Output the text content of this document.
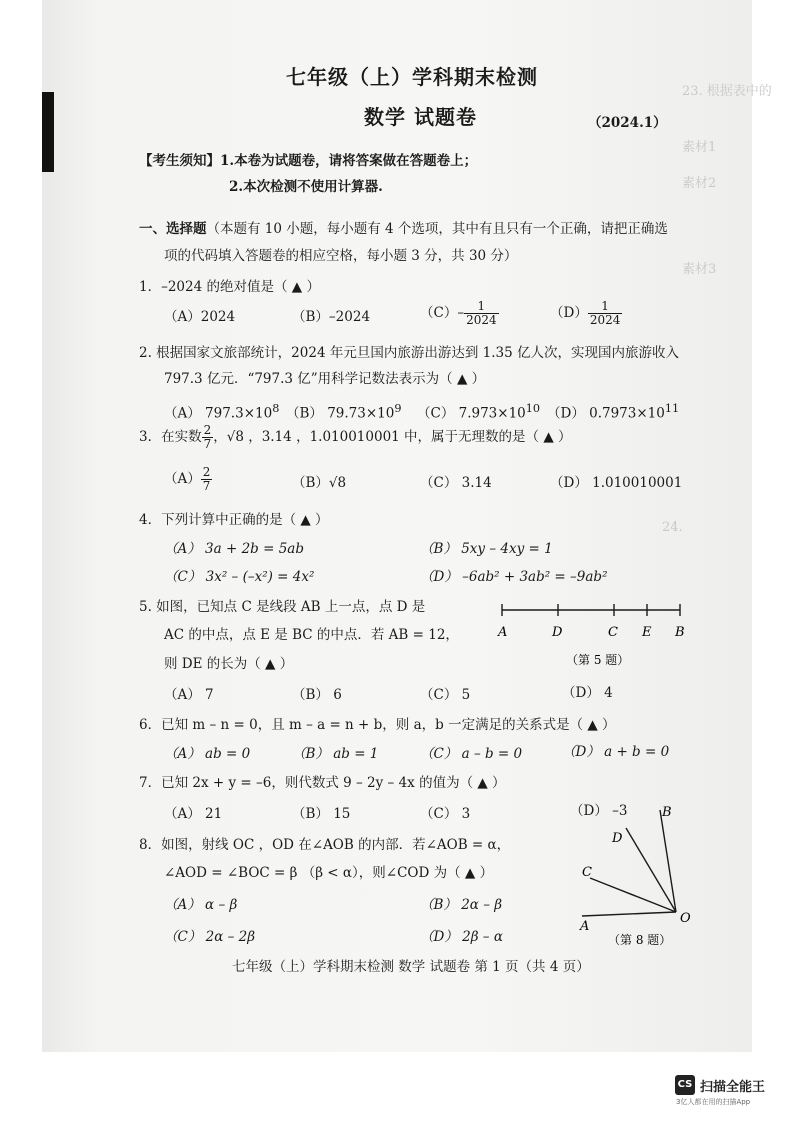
23. 根据表中的
素材1
素材2
素材3
24.
七年级（上）学科期末检测
数学 试题卷	（2024.1）
【考生须知】1.本卷为试题卷，请将答案做在答题卷上；
2.本次检测不使用计算器.
一、选择题（本题有 10 小题，每小题有 4 个选项，其中有且只有一个正确，请把正确选
项的代码填入答题卷的相应空格，每小题 3 分，共 30 分）
1．–2024 的绝对值是（ ▲ ）
（A）2024	（B）–2024	$(C)- \frac{1}{2024}$	$(D) \frac{1}{2024}$
2. 根据国家文旅部统计，2024 年元旦国内旅游出游达到 1.35 亿人次，实现国内旅游收入
797.3 亿元．“797.3 亿”用科学记数法表示为（ ▲ ）
（A） $797.3\times 10^8$ （B） $79.73\times 10^9$ （C） $7.973\times 10^{10}$ （D） $0.7973\times 10^{11}$
3．在实数 $\frac{2}{7}$ ，√8 ，3.14 ，1.010010001 中，属于无理数的是（ ▲ ）
$(A) \frac{2}{7}$	（B）√8	（C） 3.14	（D） 1.010010001
4．下列计算中正确的是（ ▲ ）
（A） 3a + 2b = 5ab	（B） 5xy – 4xy = 1
（C） 3x² – (–x²) = 4x²	（D） –6ab² + 3ab² = –9ab²
5. 如图，已知点 C 是线段 AB 上一点，点 D 是
AC 的中点，点 E 是 BC 的中点．若 AB = 12，
则 DE 的长为（ ▲ ）
（A） 7	（B） 6	（C） 5	（D） 4
A	D	C E B
（第 5 题）
6．已知 m – n = 0，且 m – a = n + b，则 a，b 一定满足的关系式是（ ▲ ）
（A） ab = 0	（B） ab = 1	（C） a – b = 0	（D） a + b = 0
7．已知 2x + y = –6，则代数式 9 – 2y – 4x 的值为（ ▲ ）
（A） 21	（B） 15	（C） 3	（D） –3
8．如图，射线 OC ，OD 在∠AOB 的内部．若∠AOB = α，
∠AOD = ∠BOC = β （β < α），则∠COD 为（ ▲ ）
（A） α – β	（B） 2α – β
（C） 2α – 2β	（D） 2β – α
B
D
C
A
O
（第 8 题）
七年级（上）学科期末检测 数学 试题卷 第 1 页（共 4 页）
CS 扫描全能王
3亿人都在用的扫描App
